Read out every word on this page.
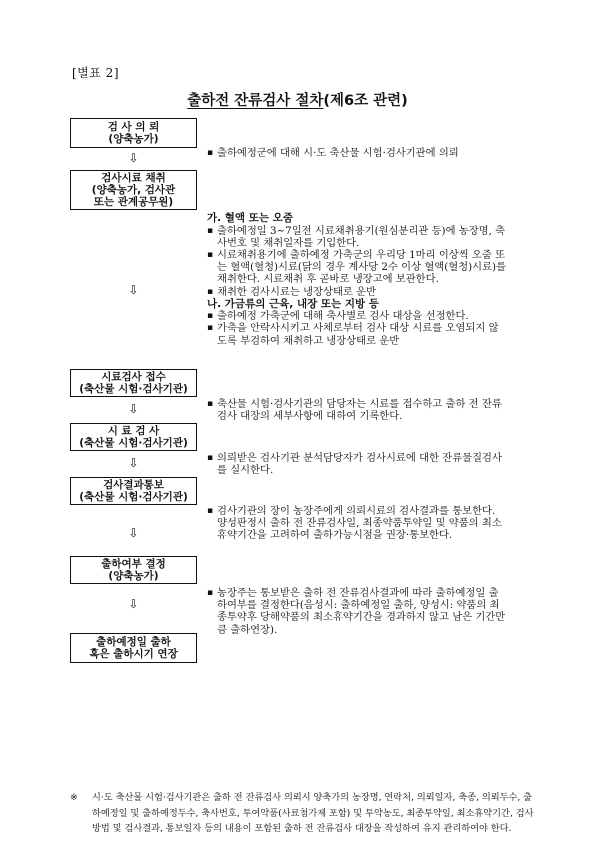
[별표 2]
출하전 잔류검사 절차(제6조 관련)
검 사 의 뢰
(양축농가)
⇩	▪ 출하예정군에 대해 시·도 축산물 시험·검사기관에 의뢰
검사시료 채취
(양축농가, 검사관
또는 관계공무원)
가. 혈액 또는 오줌
▪ 출하예정일 3~7일전 시료채취용기(원심분리관 등)에 농장명, 축사번호 및 채취일자를 기입한다.
▪ 시료채취용기에 출하예정 가축군의 우리당 1마리 이상씩 오줌 또는 혈액(혈청)시료(닭의 경우 계사당 2수 이상 혈액(혈청)시료)를 채취한다. 시료채취 후 곧바로 냉장고에 보관한다.
▪ 채취한 검사시료는 냉장상태로 운반
나. 가금류의 근육, 내장 또는 지방 등
▪ 출하예정 가축군에 대해 축사별로 검사 대상을 선정한다.
▪ 가축을 안락사시키고 사체로부터 검사 대상 시료를 오염되지 않도록 부검하여 채취하고 냉장상태로 운반
⇩
시료검사 접수
(축산물 시험·검사기관)
⇩	▪ 축산물 시험·검사기관의 담당자는 시료를 접수하고 출하 전 잔류검사 대장의 세부사항에 대하여 기록한다.
시 료 검 사
(축산물 시험·검사기관)
⇩	▪ 의뢰받은 검사기관 분석담당자가 검사시료에 대한 잔류물질검사를 실시한다.
검사결과통보
(축산물 시험·검사기관)
▪ 검사기관의 장이 농장주에게 의뢰시료의 검사결과를 통보한다. 양성판정시 출하 전 잔류검사일, 최종약품투약일 및 약품의 최소휴약기간을 고려하여 출하가능시점을 권장·통보한다.
⇩
출하여부 결정
(양축농가)
▪ 농장주는 통보받은 출하 전 잔류검사결과에 따라 출하예정일 출하여부를 결정한다(음성시: 출하예정일 출하, 양성시: 약품의 최종투약후 당해약품의 최소휴약기간을 경과하지 않고 남은 기간만큼 출하연장).
⇩
출하예정일 출하
혹은 출하시기 연장
※	시·도 축산물 시험·검사기관은 출하 전 잔류검사 의뢰시 양축가의 농장명, 연락처, 의뢰일자, 축종, 의뢰두수, 출하예정일 및 출하예정두수, 축사번호, 투여약품(사료첨가제 포함) 및 투약농도, 최종투약일, 최소휴약기간, 검사방법 및 검사결과, 통보일자 등의 내용이 포함된 출하 전 잔류검사 대장을 작성하여 유지 관리하여야 한다.
